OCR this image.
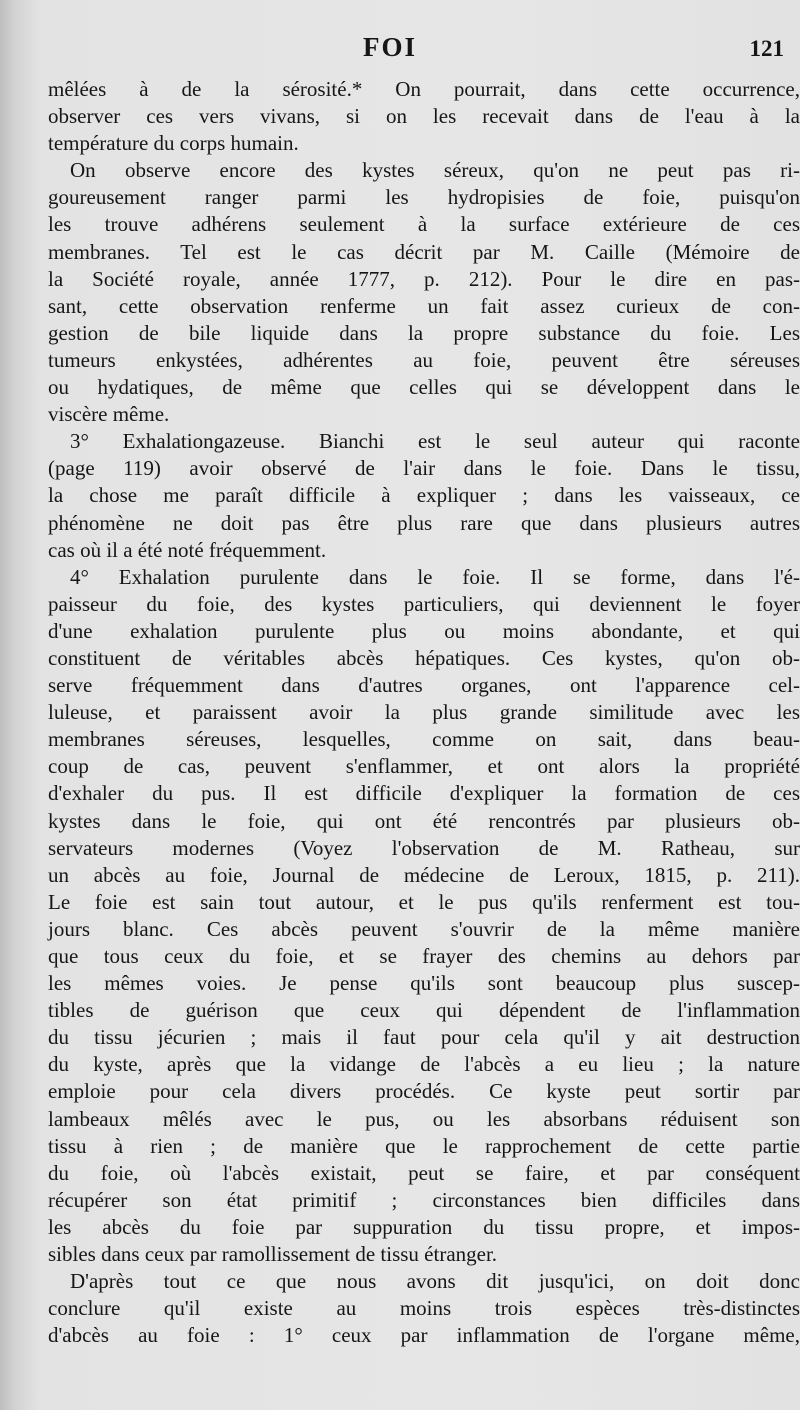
FOI	121
mêlées à de la sérosité.* On pourrait, dans cette occurrence,
observer ces vers vivans, si on les recevait dans de l'eau à la
température du corps humain.
On observe encore des kystes séreux, qu'on ne peut pas ri-
goureusement ranger parmi les hydropisies de foie, puisqu'on
les trouve adhérens seulement à la surface extérieure de ces
membranes. Tel est le cas décrit par M. Caille (Mémoire de
la Société royale, année 1777, p. 212). Pour le dire en pas-
sant, cette observation renferme un fait assez curieux de con-
gestion de bile liquide dans la propre substance du foie. Les
tumeurs enkystées, adhérentes au foie, peuvent être séreuses
ou hydatiques, de même que celles qui se développent dans le
viscère même.
3° Exhalationgazeuse. Bianchi est le seul auteur qui raconte
(page 119) avoir observé de l'air dans le foie. Dans le tissu,
la chose me paraît difficile à expliquer ; dans les vaisseaux, ce
phénomène ne doit pas être plus rare que dans plusieurs autres
cas où il a été noté fréquemment.
4° Exhalation purulente dans le foie. Il se forme, dans l'é-
paisseur du foie, des kystes particuliers, qui deviennent le foyer
d'une exhalation purulente plus ou moins abondante, et qui
constituent de véritables abcès hépatiques. Ces kystes, qu'on ob-
serve fréquemment dans d'autres organes, ont l'apparence cel-
luleuse, et paraissent avoir la plus grande similitude avec les
membranes séreuses, lesquelles, comme on sait, dans beau-
coup de cas, peuvent s'enflammer, et ont alors la propriété
d'exhaler du pus. Il est difficile d'expliquer la formation de ces
kystes dans le foie, qui ont été rencontrés par plusieurs ob-
servateurs modernes (Voyez l'observation de M. Ratheau, sur
un abcès au foie, Journal de médecine de Leroux, 1815, p. 211).
Le foie est sain tout autour, et le pus qu'ils renferment est tou-
jours blanc. Ces abcès peuvent s'ouvrir de la même manière
que tous ceux du foie, et se frayer des chemins au dehors par
les mêmes voies. Je pense qu'ils sont beaucoup plus suscep-
tibles de guérison que ceux qui dépendent de l'inflammation
du tissu jécurien ; mais il faut pour cela qu'il y ait destruction
du kyste, après que la vidange de l'abcès a eu lieu ; la nature
emploie pour cela divers procédés. Ce kyste peut sortir par
lambeaux mêlés avec le pus, ou les absorbans réduisent son
tissu à rien ; de manière que le rapprochement de cette partie
du foie, où l'abcès existait, peut se faire, et par conséquent
récupérer son état primitif ; circonstances bien difficiles dans
les abcès du foie par suppuration du tissu propre, et impos-
sibles dans ceux par ramollissement de tissu étranger.
D'après tout ce que nous avons dit jusqu'ici, on doit donc
conclure qu'il existe au moins trois espèces très-distinctes
d'abcès au foie : 1° ceux par inflammation de l'organe même,
